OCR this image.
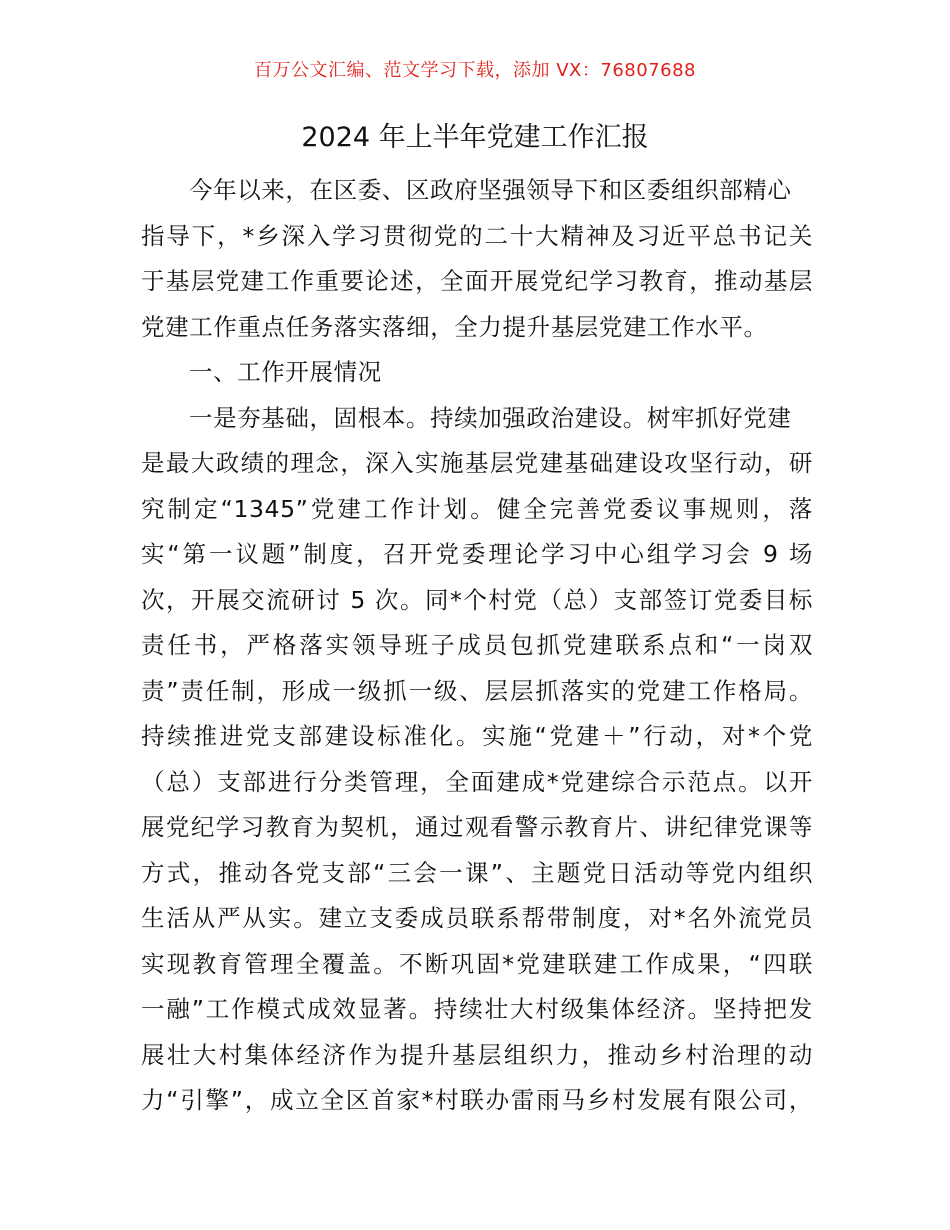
百万公文汇编、范文学习下载，添加 VX：76807688
2024 年上半年党建工作汇报
今年以来，在区委、区政府坚强领导下和区委组织部精心
指导下，*乡深入学习贯彻党的二十大精神及习近平总书记关
于基层党建工作重要论述，全面开展党纪学习教育，推动基层
党建工作重点任务落实落细，全力提升基层党建工作水平。
一、工作开展情况
一是夯基础，固根本。持续加强政治建设。树牢抓好党建
是最大政绩的理念，深入实施基层党建基础建设攻坚行动，研
究制定“1345”党建工作计划。健全完善党委议事规则，落
实“第一议题”制度，召开党委理论学习中心组学习会 9 场
次，开展交流研讨 5 次。同*个村党（总）支部签订党委目标
责任书，严格落实领导班子成员包抓党建联系点和“一岗双
责”责任制，形成一级抓一级、层层抓落实的党建工作格局。
持续推进党支部建设标准化。实施“党建＋”行动，对*个党
（总）支部进行分类管理，全面建成*党建综合示范点。以开
展党纪学习教育为契机，通过观看警示教育片、讲纪律党课等
方式，推动各党支部“三会一课”、主题党日活动等党内组织
生活从严从实。建立支委成员联系帮带制度，对*名外流党员
实现教育管理全覆盖。不断巩固*党建联建工作成果，“四联
一融”工作模式成效显著。持续壮大村级集体经济。坚持把发
展壮大村集体经济作为提升基层组织力，推动乡村治理的动
力“引擎”，成立全区首家*村联办雷雨马乡村发展有限公司，
